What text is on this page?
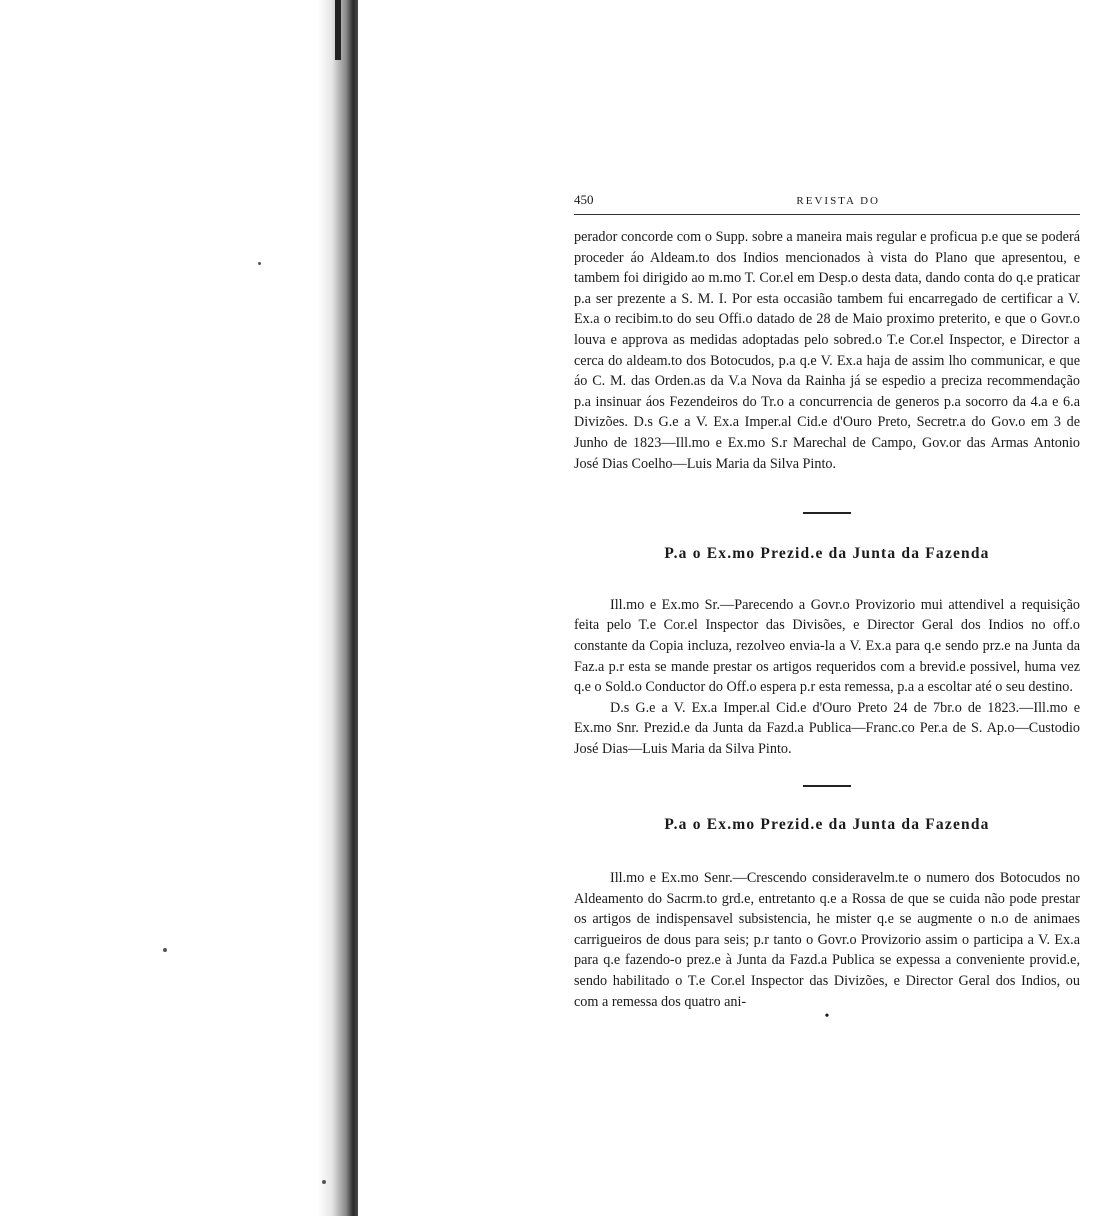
450	REVISTA DO

perador concorde com o Supp. sobre a maneira mais regular e proficua p.e que se poderá proceder áo Aldeam.to dos Indios mencionados à vista do Plano que apresentou, e tambem foi dirigido ao m.mo T. Cor.el em Desp.o desta data, dando conta do q.e praticar p.a ser prezente a S. M. I. Por esta occasião tambem fui encarregado de certificar a V. Ex.a o recibim.to do seu Offi.o datado de 28 de Maio proximo preterito, e que o Govr.o louva e approva as medidas adoptadas pelo sobred.o T.e Cor.el Inspector, e Director a cerca do aldeam.to dos Botocudos, p.a q.e V. Ex.a haja de assim lho communicar, e que áo C. M. das Orden.as da V.a Nova da Rainha já se espedio a preciza recommendação p.a insinuar áos Fezendeiros do Tr.o a concurrencia de generos p.a socorro da 4.a e 6.a Divizões. D.s G.e a V. Ex.a Imper.al Cid.e d'Ouro Preto, Secretr.a do Gov.o em 3 de Junho de 1823—Ill.mo e Ex.mo S.r Marechal de Campo, Gov.or das Armas Antonio José Dias Coelho—Luis Maria da Silva Pinto.

P.a o Ex.mo Prezid.e da Junta da Fazenda

Ill.mo e Ex.mo Sr.—Parecendo a Govr.o Provizorio mui attendivel a requisição feita pelo T.e Cor.el Inspector das Divisões, e Director Geral dos Indios no off.o constante da Copia incluza, rezolveo envia-la a V. Ex.a para q.e sendo prz.e na Junta da Faz.a p.r esta se mande prestar os artigos requeridos com a brevid.e possivel, huma vez q.e o Sold.o Conductor do Off.o espera p.r esta remessa, p.a a escoltar até o seu destino.

D.s G.e a V. Ex.a Imper.al Cid.e d'Ouro Preto 24 de 7br.o de 1823.—Ill.mo e Ex.mo Snr. Prezid.e da Junta da Fazd.a Publica—Franc.co Per.a de S. Ap.o—Custodio José Dias—Luis Maria da Silva Pinto.

P.a o Ex.mo Prezid.e da Junta da Fazenda

Ill.mo e Ex.mo Senr.—Crescendo consideravelm.te o numero dos Botocudos no Aldeamento do Sacrm.to grd.e, entretanto q.e a Rossa de que se cuida não pode prestar os artigos de indispensavel subsistencia, he mister q.e se augmente o n.o de animaes carrigueiros de dous para seis; p.r tanto o Govr.o Provizorio assim o participa a V. Ex.a para q.e fazendo-o prez.e à Junta da Fazd.a Publica se expessa a conveniente provid.e, sendo habilitado o T.e Cor.el Inspector das Divizões, e Director Geral dos Indios, ou com a remessa dos quatro ani-

•
